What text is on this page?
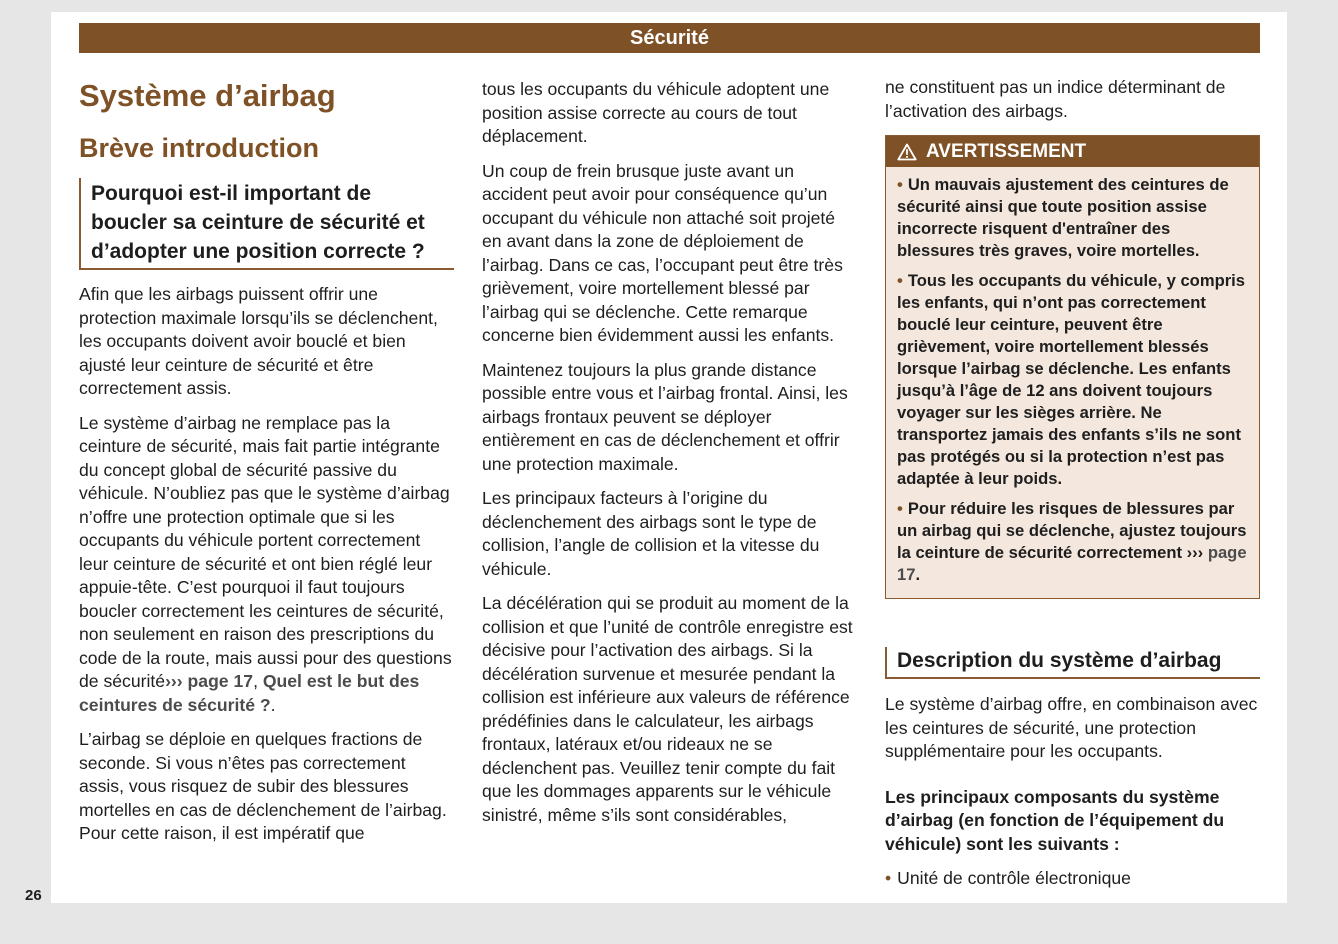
Sécurité
Système d’airbag
Brève introduction
Pourquoi est-il important de boucler sa ceinture de sécurité et d’adopter une position correcte ?

Afin que les airbags puissent offrir une protection maximale lorsqu’ils se déclenchent, les occupants doivent avoir bouclé et bien ajusté leur ceinture de sécurité et être correctement assis.

Le système d’airbag ne remplace pas la ceinture de sécurité, mais fait partie intégrante du concept global de sécurité passive du véhicule. N’oubliez pas que le système d’airbag n’offre une protection optimale que si les occupants du véhicule portent correctement leur ceinture de sécurité et ont bien réglé leur appuie-tête. C’est pourquoi il faut toujours boucler correctement les ceintures de sécurité, non seulement en raison des prescriptions du code de la route, mais aussi pour des questions de sécurité››› page 17, Quel est le but des ceintures de sécurité ?.

L’airbag se déploie en quelques fractions de seconde. Si vous n’êtes pas correctement assis, vous risquez de subir des blessures mortelles en cas de déclenchement de l’airbag. Pour cette raison, il est impératif que

tous les occupants du véhicule adoptent une position assise correcte au cours de tout déplacement.

Un coup de frein brusque juste avant un accident peut avoir pour conséquence qu’un occupant du véhicule non attaché soit projeté en avant dans la zone de déploiement de l’airbag. Dans ce cas, l’occupant peut être très grièvement, voire mortellement blessé par l’airbag qui se déclenche. Cette remarque concerne bien évidemment aussi les enfants.

Maintenez toujours la plus grande distance possible entre vous et l’airbag frontal. Ainsi, les airbags frontaux peuvent se déployer entièrement en cas de déclenchement et offrir une protection maximale.

Les principaux facteurs à l’origine du déclenchement des airbags sont le type de collision, l’angle de collision et la vitesse du véhicule.

La décélération qui se produit au moment de la collision et que l’unité de contrôle enregistre est décisive pour l’activation des airbags. Si la décélération survenue et mesurée pendant la collision est inférieure aux valeurs de référence prédéfinies dans le calculateur, les airbags frontaux, latéraux et/ou rideaux ne se déclenchent pas. Veuillez tenir compte du fait que les dommages apparents sur le véhicule sinistré, même s’ils sont considérables,

ne constituent pas un indice déterminant de l’activation des airbags.

AVERTISSEMENT

• Un mauvais ajustement des ceintures de sécurité ainsi que toute position assise incorrecte risquent d'entraîner des blessures très graves, voire mortelles.

• Tous les occupants du véhicule, y compris les enfants, qui n’ont pas correctement bouclé leur ceinture, peuvent être grièvement, voire mortellement blessés lorsque l’airbag se déclenche. Les enfants jusqu’à l’âge de 12 ans doivent toujours voyager sur les sièges arrière. Ne transportez jamais des enfants s’ils ne sont pas protégés ou si la protection n’est pas adaptée à leur poids.

• Pour réduire les risques de blessures par un airbag qui se déclenche, ajustez toujours la ceinture de sécurité correctement ››› page 17.

Description du système d’airbag

Le système d’airbag offre, en combinaison avec les ceintures de sécurité, une protection supplémentaire pour les occupants.

Les principaux composants du système d’airbag (en fonction de l’équipement du véhicule) sont les suivants :

• Unité de contrôle électronique
26
